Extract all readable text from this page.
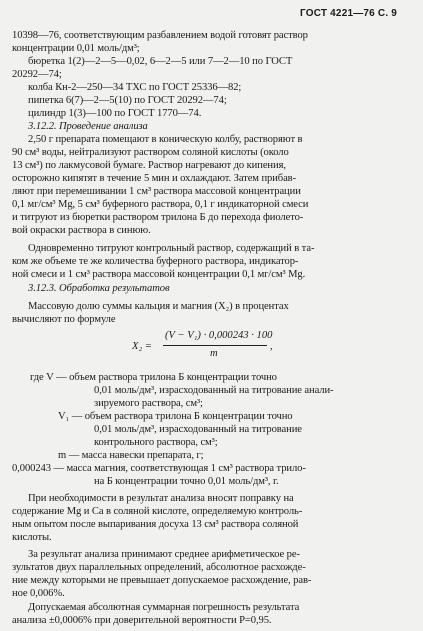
ГОСТ 4221—76 С. 9
10398—76, соответствующим разбавлением водой готовят раствор
концентрации 0,01 моль/дм³;
бюретка 1(2)—2—5—0,02, 6—2—5 или 7—2—10 по ГОСТ
20292—74;
колба Кн-2—250—34 ТХС по ГОСТ 25336—82;
пипетка 6(7)—2—5(10) по ГОСТ 20292—74;
цилиндр 1(3)—100 по ГОСТ 1770—74.
3.12.2. Проведение анализа
2,50 г препарата помещают в коническую колбу, растворяют в
90 см³ воды, нейтрализуют раствором соляной кислоты (около
13 см³) по лакмусовой бумаге. Раствор нагревают до кипения,
осторожно кипятят в течение 5 мин и охлаждают. Затем прибав-
ляют при перемешивании 1 см³ раствора массовой концентрации
0,1 мг/см³ Mg, 5 см³ буферного раствора, 0,1 г индикаторной смеси
и титруют из бюретки раствором трилона Б до перехода фиолето-
вой окраски раствора в синюю.
Одновременно титруют контрольный раствор, содержащий в та-
ком же объеме те же количества буферного раствора, индикатор-
ной смеси и 1 см³ раствора массовой концентрации 0,1 мг/см³ Mg.
3.12.3. Обработка результатов
Массовую долю суммы кальция и магния (X₂) в процентах
вычисляют по формуле
X₂ =
(V − V₁) · 0,000243 · 100
m
,
где V — объем раствора трилона Б концентрации точно
0,01 моль/дм³, израсходованный на титрование анали-
зируемого раствора, см³;
V₁ — объем раствора трилона Б концентрации точно
0,01 моль/дм³, израсходованный на титрование
контрольного раствора, см³;
m — масса навески препарата, г;
0,000243 — масса магния, соответствующая 1 см³ раствора трило-
на Б концентрации точно 0,01 моль/дм³, г.
При необходимости в результат анализа вносят поправку на
содержание Mg и Ca в соляной кислоте, определяемую контроль-
ным опытом после выпаривания досуха 13 см³ раствора соляной
кислоты.
За результат анализа принимают среднее арифметическое ре-
зультатов двух параллельных определений, абсолютное расхожде-
ние между которыми не превышает допускаемое расхождение, рав-
ное 0,006%.
Допускаемая абсолютная суммарная погрешность результата
анализа ±0,0006% при доверительной вероятности P=0,95.
